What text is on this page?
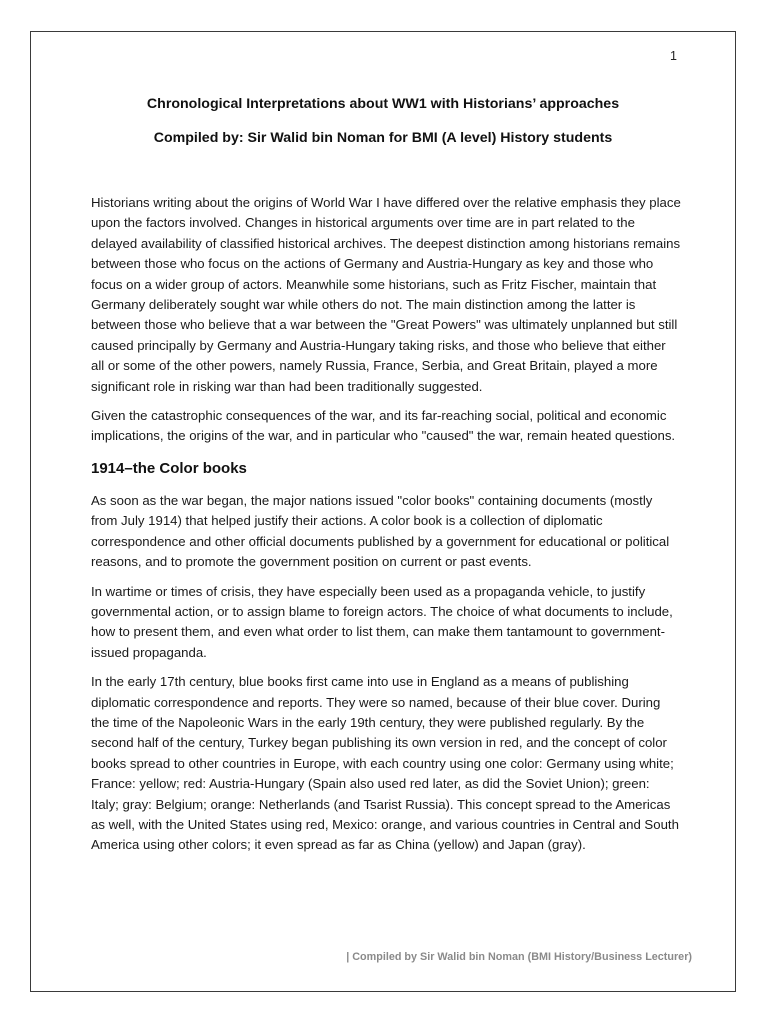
1
Chronological Interpretations about WW1 with Historians’ approaches
Compiled by: Sir Walid bin Noman for BMI (A level) History students

Historians writing about the origins of World War I have differed over the relative emphasis they place upon the factors involved. Changes in historical arguments over time are in part related to the delayed availability of classified historical archives. The deepest distinction among historians remains between those who focus on the actions of Germany and Austria-Hungary as key and those who focus on a wider group of actors. Meanwhile some historians, such as Fritz Fischer, maintain that Germany deliberately sought war while others do not. The main distinction among the latter is between those who believe that a war between the "Great Powers" was ultimately unplanned but still caused principally by Germany and Austria-Hungary taking risks, and those who believe that either all or some of the other powers, namely Russia, France, Serbia, and Great Britain, played a more significant role in risking war than had been traditionally suggested.

Given the catastrophic consequences of the war, and its far-reaching social, political and economic implications, the origins of the war, and in particular who "caused" the war, remain heated questions.

1914–the Color books

As soon as the war began, the major nations issued "color books" containing documents (mostly from July 1914) that helped justify their actions. A color book is a collection of diplomatic correspondence and other official documents published by a government for educational or political reasons, and to promote the government position on current or past events.

In wartime or times of crisis, they have especially been used as a propaganda vehicle, to justify governmental action, or to assign blame to foreign actors. The choice of what documents to include, how to present them, and even what order to list them, can make them tantamount to government-issued propaganda.

In the early 17th century, blue books first came into use in England as a means of publishing diplomatic correspondence and reports. They were so named, because of their blue cover. During the time of the Napoleonic Wars in the early 19th century, they were published regularly. By the second half of the century, Turkey began publishing its own version in red, and the concept of color books spread to other countries in Europe, with each country using one color: Germany using white; France: yellow; red: Austria-Hungary (Spain also used red later, as did the Soviet Union); green: Italy; gray: Belgium; orange: Netherlands (and Tsarist Russia). This concept spread to the Americas as well, with the United States using red, Mexico: orange, and various countries in Central and South America using other colors; it even spread as far as China (yellow) and Japan (gray).

| Compiled by Sir Walid bin Noman (BMI History/Business Lecturer)
